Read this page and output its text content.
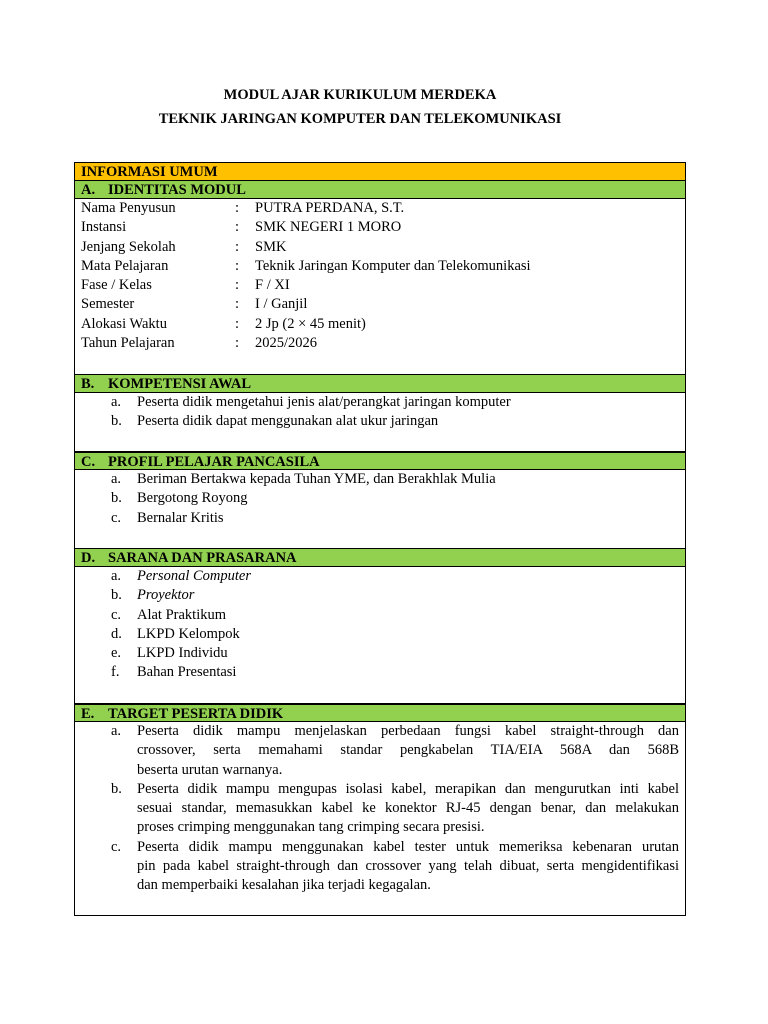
MODUL AJAR KURIKULUM MERDEKA
TEKNIK JARINGAN KOMPUTER DAN TELEKOMUNIKASI
INFORMASI UMUM
A. IDENTITAS MODUL
Nama Penyusun	: PUTRA PERDANA, S.T.
Instansi	: SMK NEGERI 1 MORO
Jenjang Sekolah	: SMK
Mata Pelajaran	: Teknik Jaringan Komputer dan Telekomunikasi
Fase / Kelas	: F / XI
Semester	: I / Ganjil
Alokasi Waktu	: 2 Jp (2 × 45 menit)
Tahun Pelajaran	: 2025/2026
B. KOMPETENSI AWAL
a.	Peserta didik mengetahui jenis alat/perangkat jaringan komputer
b.	Peserta didik dapat menggunakan alat ukur jaringan
C. PROFIL PELAJAR PANCASILA
a.	Beriman Bertakwa kepada Tuhan YME, dan Berakhlak Mulia
b.	Bergotong Royong
c.	Bernalar Kritis
D. SARANA DAN PRASARANA
a.	Personal Computer
b.	Proyektor
c.	Alat Praktikum
d.	LKPD Kelompok
e.	LKPD Individu
f.	Bahan Presentasi
E. TARGET PESERTA DIDIK
a.	Peserta didik mampu menjelaskan perbedaan fungsi kabel straight-through dan
crossover, serta memahami standar pengkabelan TIA/EIA 568A dan 568B
beserta urutan warnanya.
b.	Peserta didik mampu mengupas isolasi kabel, merapikan dan mengurutkan inti kabel
sesuai standar, memasukkan kabel ke konektor RJ-45 dengan benar, dan melakukan
proses crimping menggunakan tang crimping secara presisi.
c.	Peserta didik mampu menggunakan kabel tester untuk memeriksa kebenaran urutan
pin pada kabel straight-through dan crossover yang telah dibuat, serta mengidentifikasi
dan memperbaiki kesalahan jika terjadi kegagalan.
